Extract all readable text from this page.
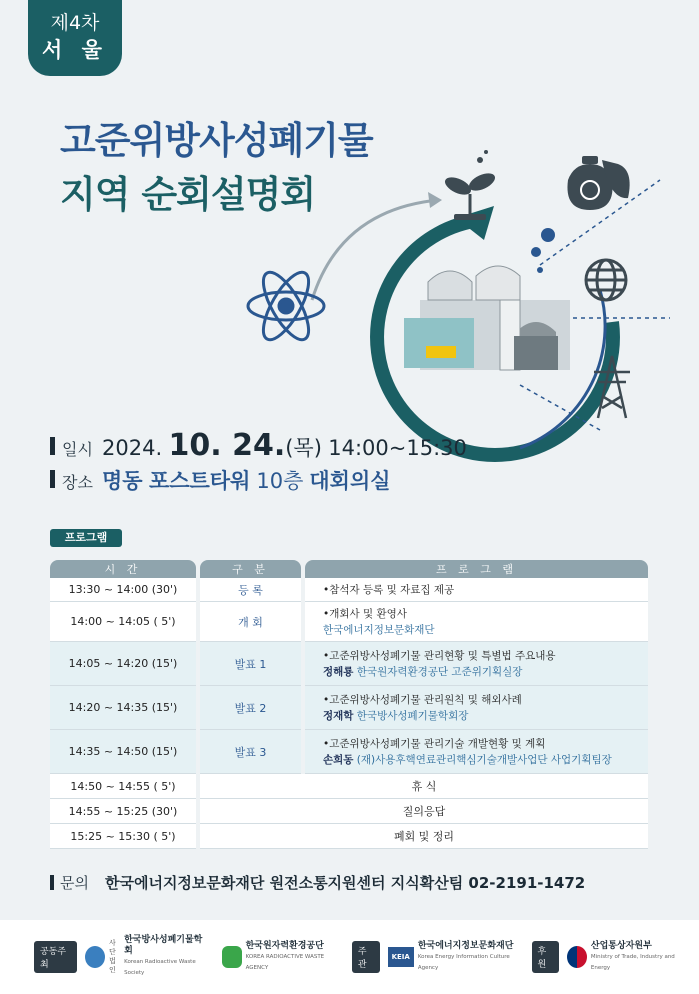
제4차
서 울
고준위방사성폐기물
지역 순회설명회
일시 2024.
10. 24. (목)
14:00~15:30
장소 명동
포스트타워 10층 대회의실
프로그램
시 간		구 분		프 로 그 램
13:30 ~ 14:00 (30')		등 록		•참석자 등록 및 자료집 제공
14:00 ~ 14:05 ( 5')		개 회		•개회사 및 환영사
한국에너지정보문화재단

14:05 ~ 14:20 (15')		발표 1		•고준위방사성폐기물 관리현황 및 특별법 주요내용
정해룡 한국원자력환경공단 고준위기획실장

14:20 ~ 14:35 (15')		발표 2		•고준위방사성폐기물 관리원칙 및 해외사례
정재학 한국방사성폐기물학회장

14:35 ~ 14:50 (15')		발표 3		•고준위방사성폐기물 관리기술 개발현황 및 계획
손희동 (재)사용후핵연료관리핵심기술개발사업단 사업기획팀장

14:50 ~ 14:55 ( 5')		휴 식		
14:55 ~ 15:25 (30')		질의응답		
15:25 ~ 15:30 ( 5')		폐회 및 정리		
문의 한국에너지정보문화재단 원전소통지원센터 지식확산팀 02-2191-1472
공동주최
사단
법인
한국방사성폐기물학회
Korean Radioactive Waste Society
한국원자력환경공단
KOREA RADIOACTIVE WASTE AGENCY
주관
KEIA
한국에너지정보문화재단
Korea Energy Information Culture Agency
후원
산업통상자원부
Ministry of Trade, Industry and Energy
